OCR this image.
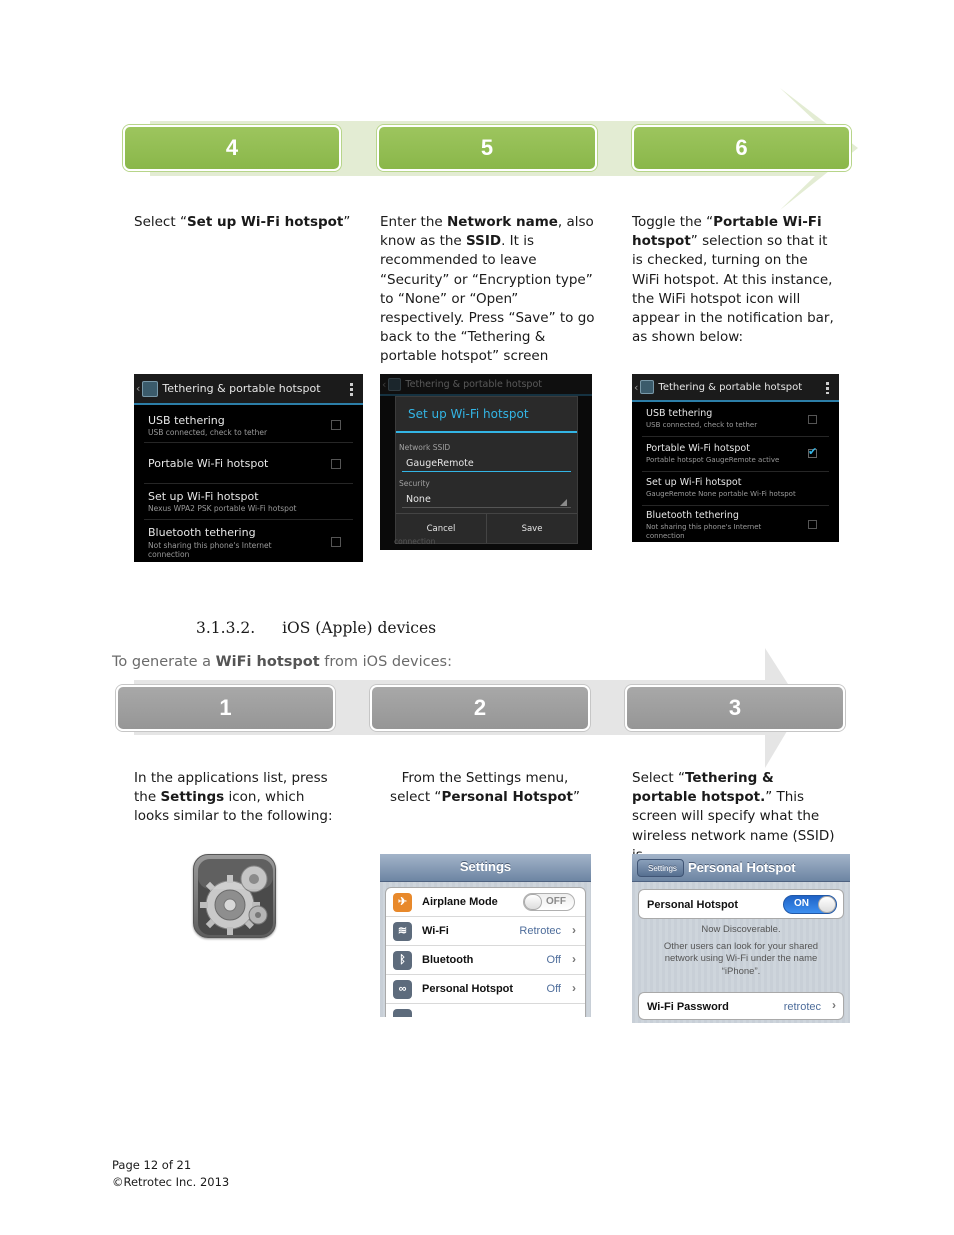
4	5	6
Select “Set up Wi-Fi hotspot” Enter the Network name, also know as the SSID. It is recommended to leave “Security” or “Encryption type” to “None” or “Open” respectively. Press “Save” to go back to the “Tethering & portable hotspot” screen
Toggle the “Portable Wi-Fi hotspot” selection so that it is checked, turning on the WiFi hotspot. At this instance, the WiFi hotspot icon will appear in the notification bar, as shown below:
‹ Tethering & portable hotspot
USB tethering
USB connected, check to tether
Portable Wi-Fi hotspot
Set up Wi-Fi hotspot
Nexus WPA2 PSK portable Wi-Fi hotspot
Bluetooth tethering
Not sharing this phone's Internet
connection
‹ Tethering & portable hotspot
Set up Wi-Fi hotspot
Network SSID
GaugeRemote
Security
None
Cancel	Save
connection
‹ Tethering & portable hotspot
USB tethering
USB connected, check to tether
Portable Wi-Fi hotspot
Portable hotspot GaugeRemote active
✔
Set up Wi-Fi hotspot
GaugeRemote None portable Wi-Fi hotspot
Bluetooth tethering
Not sharing this phone's Internet
connection
3.1.3.2. iOS (Apple) devices
To generate a WiFi hotspot from iOS devices:
1	2	3
In the applications list, press the Settings icon, which looks similar to the following:
From the Settings menu, select “Personal Hotspot”
Select “Tethering & portable hotspot.” This screen will specify what the wireless network name (SSID)
Settings
✈	Airplane Mode	OFF
≋	Wi-Fi	Retrotec ›
ᛒ	Bluetooth	Off ›
∞	Personal Hotspot	Off ›
Settings Personal Hotspot
Personal Hotspot	ON
Now Discoverable.
Other users can look for your shared
network using Wi-Fi under the name
“iPhone”.
Wi-Fi Password	retrotec ›
Page 12 of 21
©Retrotec Inc. 2013
